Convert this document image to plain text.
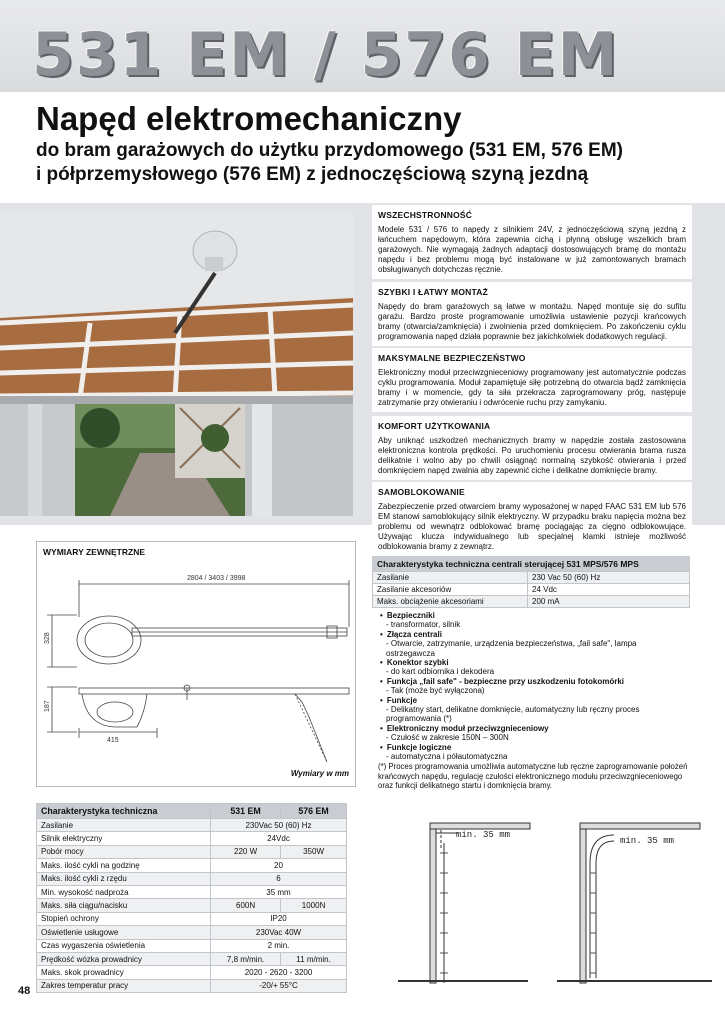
531 EM / 576 EM
Napęd elektromechaniczny
do bram garażowych do użytku przydomowego (531 EM, 576 EM)
i półprzemysłowego (576 EM) z jednoczęściową szyną jezdną
WSZECHSTRONNOŚĆ
Modele 531 / 576 to napędy z silnikiem 24V, z jednoczęściową szyną jezdną z łańcuchem napędowym, która zapewnia cichą i płynną obsługę wszelkich bram garażowych. Nie wymagają żadnych adaptacji dostosowujących bramę do montażu napędu i bez problemu mogą być instalowane w już zamontowanych bramach obsługiwanych dotychczas ręcznie.
SZYBKI I ŁATWY MONTAŻ
Napędy do bram garażowych są łatwe w montażu. Napęd montuje się do sufitu garażu. Bardzo proste programowanie umożliwia ustawienie pozycji krańcowych bramy (otwarcia/zamknięcia) i zwolnienia przed domknięciem. Po zakończeniu cyklu programowania napęd działa poprawnie bez jakichkolwiek dodatkowych regulacji.
MAKSYMALNE BEZPIECZEŃSTWO
Elektroniczny moduł przeciwzgnieceniowy programowany jest automatycznie podczas cyklu programowania. Moduł zapamiętuje siłę potrzebną do otwarcia bądź zamknięcia bramy i w momencie, gdy ta siła przekracza zaprogramowany próg, następuje zatrzymanie przy otwieraniu i odwrócenie ruchu przy zamykaniu.
KOMFORT UŻYTKOWANIA
Aby uniknąć uszkodzeń mechanicznych bramy w napędzie została zastosowana elektroniczna kontrola prędkości. Po uruchomieniu procesu otwierania brama rusza delikatnie i wolno aby po chwili osiągnąć normalną szybkość otwierania i przed domknięciem napęd zwalnia aby zapewnić ciche i delikatne domknięcie bramy.
SAMOBLOKOWANIE
Zabezpieczenie przed otwarciem bramy wyposażonej w napęd FAAC 531 EM lub 576 EM stanowi samoblokujący silnik elektryczny. W przypadku braku napięcia można bez problemu od wewnątrz odblokować bramę pociągając za cięgno odblokowujące. Używając klucza indywidualnego lub specjalnej klamki istnieje możliwość odblokowania bramy z zewnątrz.
WYMIARY ZEWNĘTRZNE
2804 / 3403 / 3998
328
187
415
Wymiary w mm
Charakterystyka techniczna centrali sterującej 531 MPS/576 MPS
Zasilanie	230 Vac 50 (60) Hz
Zasilanie akcesoriów	24 Vdc
Maks. obciążenie akcesoriami	200 mA
• Bezpieczniki
- transformator, silnik
• Złącza centrali
- Otwarcie, zatrzymanie, urządzenia bezpieczeństwa, „fail safe", lampa
ostrzegawcza
• Konektor szybki
- do kart odbiornika i dekodera
• Funkcja „fail safe" - bezpieczne przy uszkodzeniu fotokomórki
- Tak (może być wyłączona)
• Funkcje
- Delikatny start, delikatne domknięcie, automatyczny lub ręczny proces
programowania (*)
• Elektroniczny moduł przeciwzgnieceniowy
- Czułość w zakresie 150N – 300N
• Funkcje logiczne
- automatyczna i półautomatyczna
(*) Proces programowania umożliwia automatyczne lub ręczne zaprogramowanie położeń krańcowych napędu, regulację czułości elektronicznego modułu przeciwzgnieceniowego oraz funkcji delikatnego startu i domknięcia bramy.
Charakterystyka techniczna	531 EM	576 EM
Zasilanie	230Vac 50 (60) Hz	
Silnik elektryczny	24Vdc	
Pobór mocy	220 W	350W
Maks. ilość cykli na godzinę	20	
Maks. ilość cykli z rzędu	6	
Min. wysokość nadproża	35 mm	
Maks. siła ciągu/nacisku	600N	1000N
Stopień ochrony	IP20	
Oświetlenie usługowe	230Vac 40W	
Czas wygaszenia oświetlenia	2 min.	
Prędkość wózka prowadnicy	7,8 m/min.	11 m/min.
Maks. skok prowadnicy	2020 - 2620 - 3200	
Zakres temperatur pracy	-20/+ 55°C	
min. 35 mm
min. 35 mm
48
